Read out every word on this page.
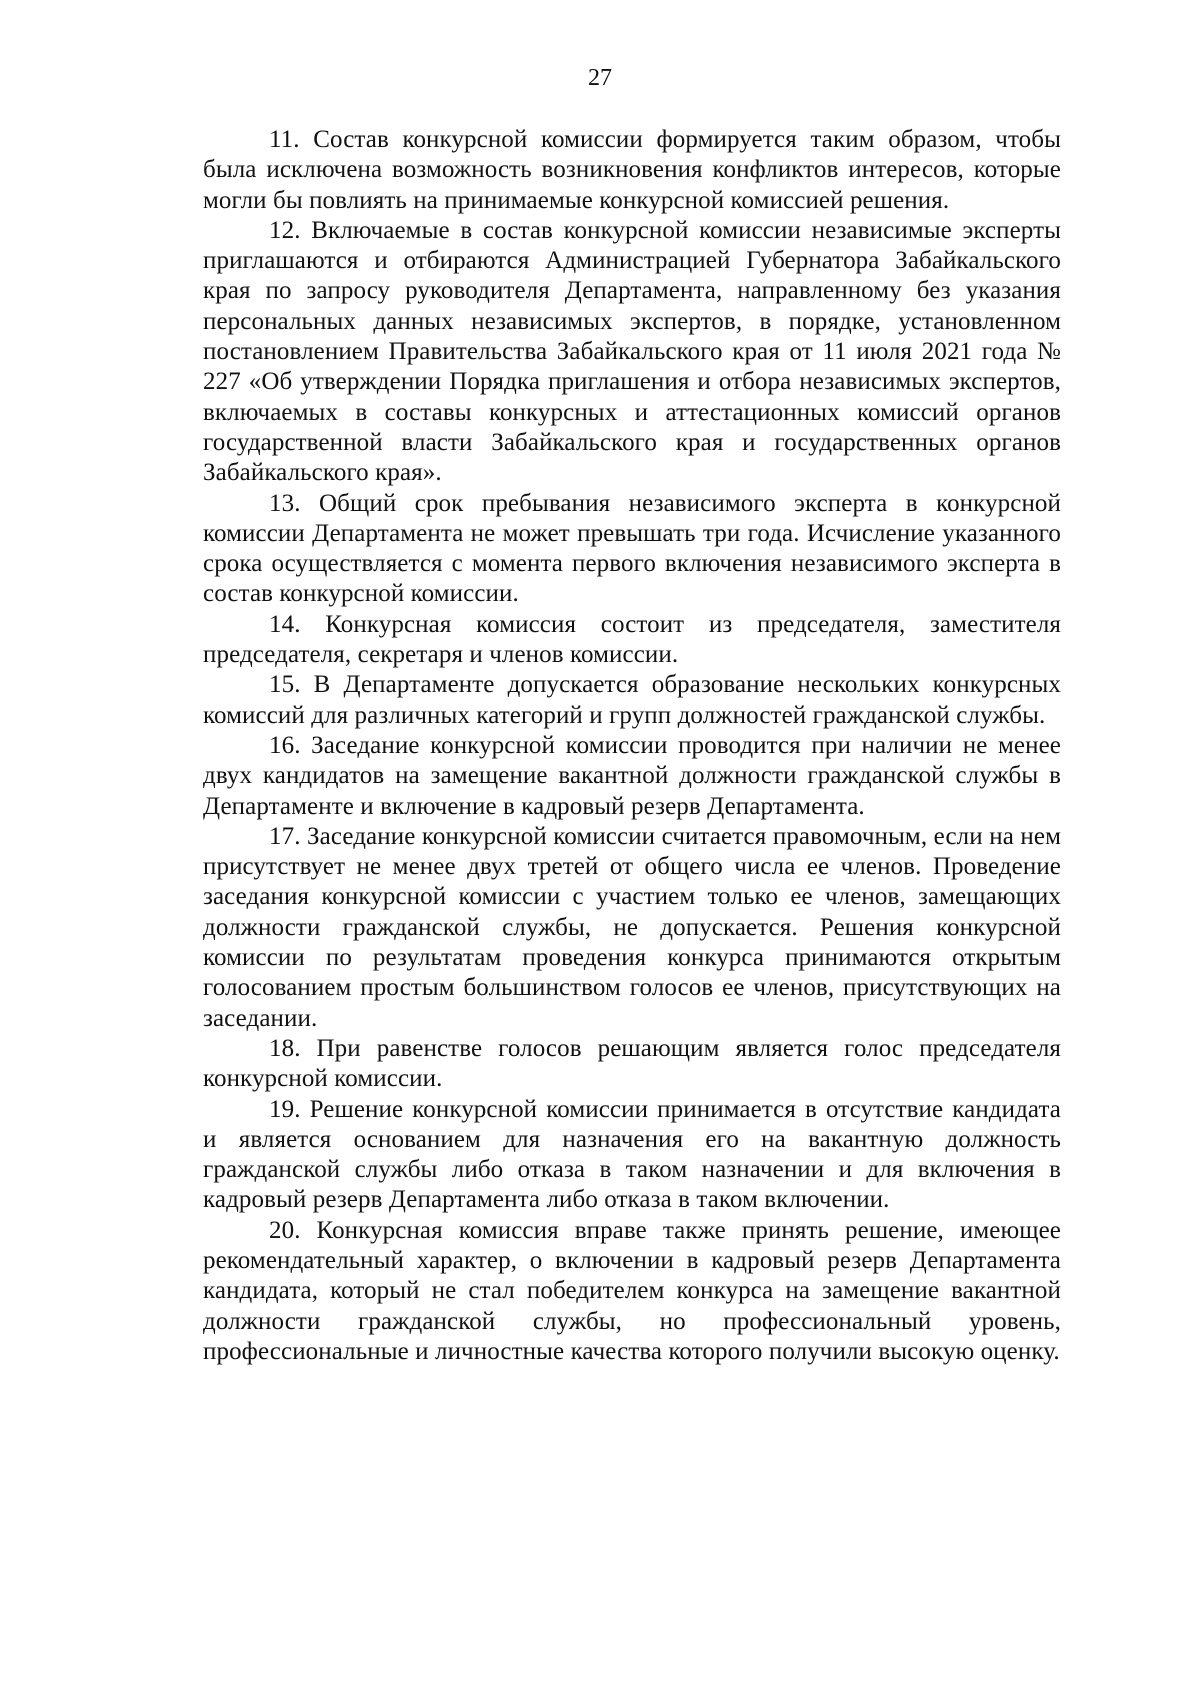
27

11. Состав конкурсной комиссии формируется таким образом, чтобы была исключена возможность возникновения конфликтов интересов, которые могли бы повлиять на принимаемые конкурсной комиссией решения.

12. Включаемые в состав конкурсной комиссии независимые эксперты приглашаются и отбираются Администрацией Губернатора Забайкальского края по запросу руководителя Департамента, направленному без указания персональных данных независимых экспертов, в порядке, установленном постановлением Правительства Забайкальского края от 11 июля 2021 года № 227 «Об утверждении Порядка приглашения и отбора независимых экспертов, включаемых в составы конкурсных и аттестационных комиссий органов государственной власти Забайкальского края и государственных органов Забайкальского края».

13. Общий срок пребывания независимого эксперта в конкурсной комиссии Департамента не может превышать три года. Исчисление указанного срока осуществляется с момента первого включения независимого эксперта в состав конкурсной комиссии.

14. Конкурсная комиссия состоит из председателя, заместителя председателя, секретаря и членов комиссии.

15. В Департаменте допускается образование нескольких конкурсных комиссий для различных категорий и групп должностей гражданской службы.

16. Заседание конкурсной комиссии проводится при наличии не менее двух кандидатов на замещение вакантной должности гражданской службы в Департаменте и включение в кадровый резерв Департамента.

17. Заседание конкурсной комиссии считается правомочным, если на нем присутствует не менее двух третей от общего числа ее членов. Проведение заседания конкурсной комиссии с участием только ее членов, замещающих должности гражданской службы, не допускается. Решения конкурсной комиссии по результатам проведения конкурса принимаются открытым голосованием простым большинством голосов ее членов, присутствующих на заседании.

18. При равенстве голосов решающим является голос председателя конкурсной комиссии.

19. Решение конкурсной комиссии принимается в отсутствие кандидата и является основанием для назначения его на вакантную должность гражданской службы либо отказа в таком назначении и для включения в кадровый резерв Департамента либо отказа в таком включении.

20. Конкурсная комиссия вправе также принять решение, имеющее рекомендательный характер, о включении в кадровый резерв Департамента кандидата, который не стал победителем конкурса на замещение вакантной должности гражданской службы, но профессиональный уровень, профессиональные и личностные качества которого получили высокую оценку.
